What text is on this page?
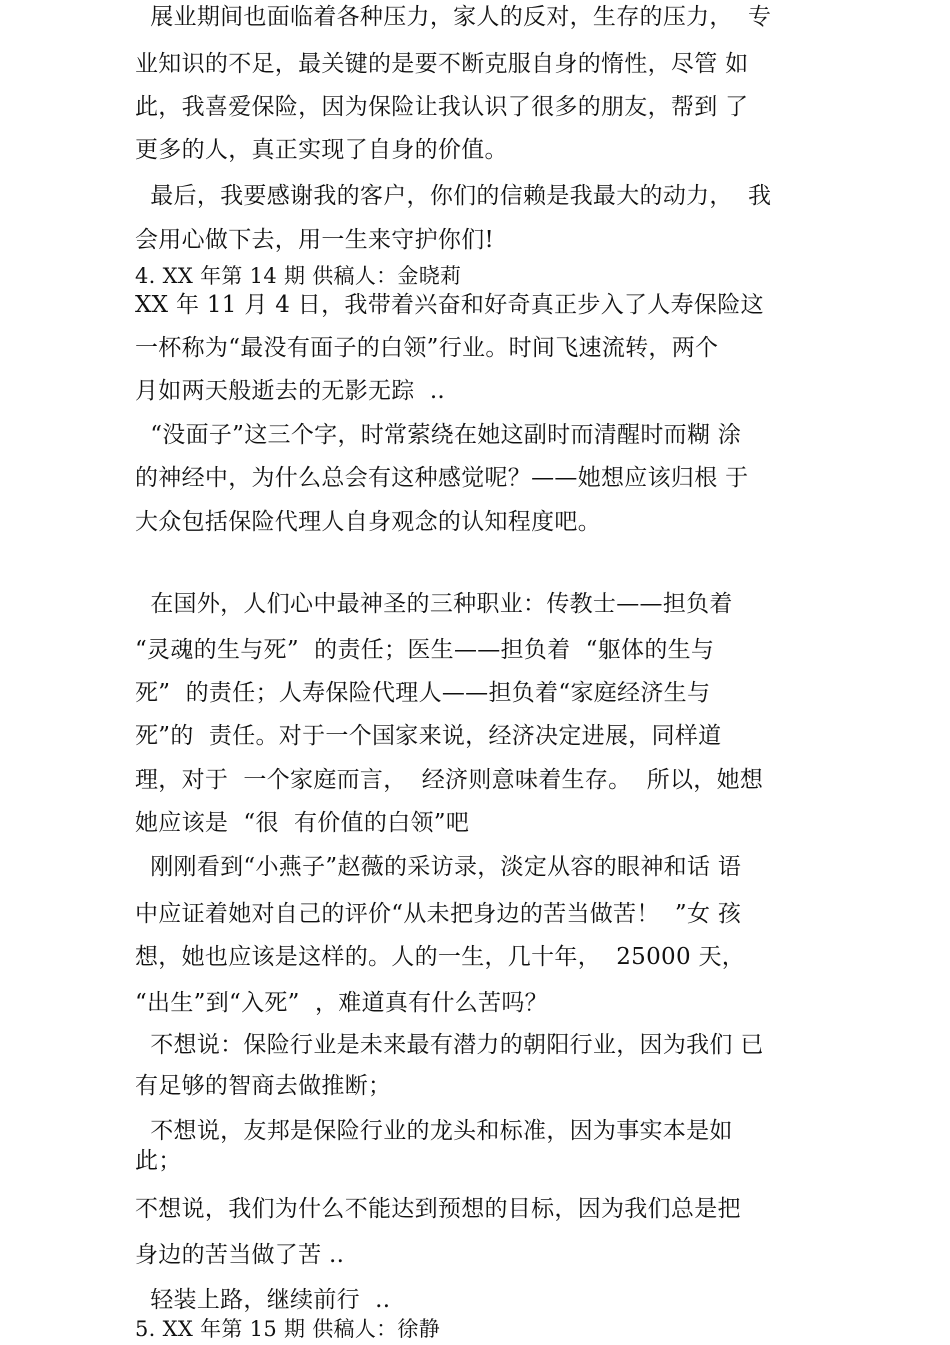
展业期间也面临着各种压力，家人的反对，生存的压力，  专
业知识的不足，最关键的是要不断克服自身的惰性，尽管 如
此，我喜爱保险，因为保险让我认识了很多的朋友，帮到 了
更多的人，真正实现了自身的价值。
最后，我要感谢我的客户，你们的信赖是我最大的动力，  我
会用心做下去，用一生来守护你们!
4. XX 年第 14 期 供稿人：金晓莉
XX 年 11 月 4 日，我带着兴奋和好奇真正步入了人寿保险这
一杯称为“最没有面子的白领”行业。时间飞速流转，两个
月如两天般逝去的无影无踪  ..
“没面子”这三个字，时常萦绕在她这副时而清醒时而糊 涂
的神经中，为什么总会有这种感觉呢？——她想应该归根 于
大众包括保险代理人自身观念的认知程度吧。
在国外，人们心中最神圣的三种职业：传教士——担负着
“灵魂的生与死”  的责任；医生——担负着  “躯体的生与
死”  的责任；人寿保险代理人——担负着“家庭经济生与
死”的  责任。对于一个国家来说，经济决定进展，同样道
理，对于  一个家庭而言，  经济则意味着生存。  所以，她想
她应该是  “很  有价值的白领”吧
刚刚看到“小燕子”赵薇的采访录，淡定从容的眼神和话 语
中应证着她对自己的评价“从未把身边的苦当做苦！  ”女 孩
想，她也应该是这样的。人的一生，几十年，  25000 天，
“出生”到“入死”  ，难道真有什么苦吗？
不想说：保险行业是未来最有潜力的朝阳行业，因为我们 已
有足够的智商去做推断；
不想说，友邦是保险行业的龙头和标准，因为事实本是如
此；
不想说，我们为什么不能达到预想的目标，因为我们总是把
身边的苦当做了苦 ..
轻装上路，继续前行  ..
5. XX 年第 15 期 供稿人：徐静
